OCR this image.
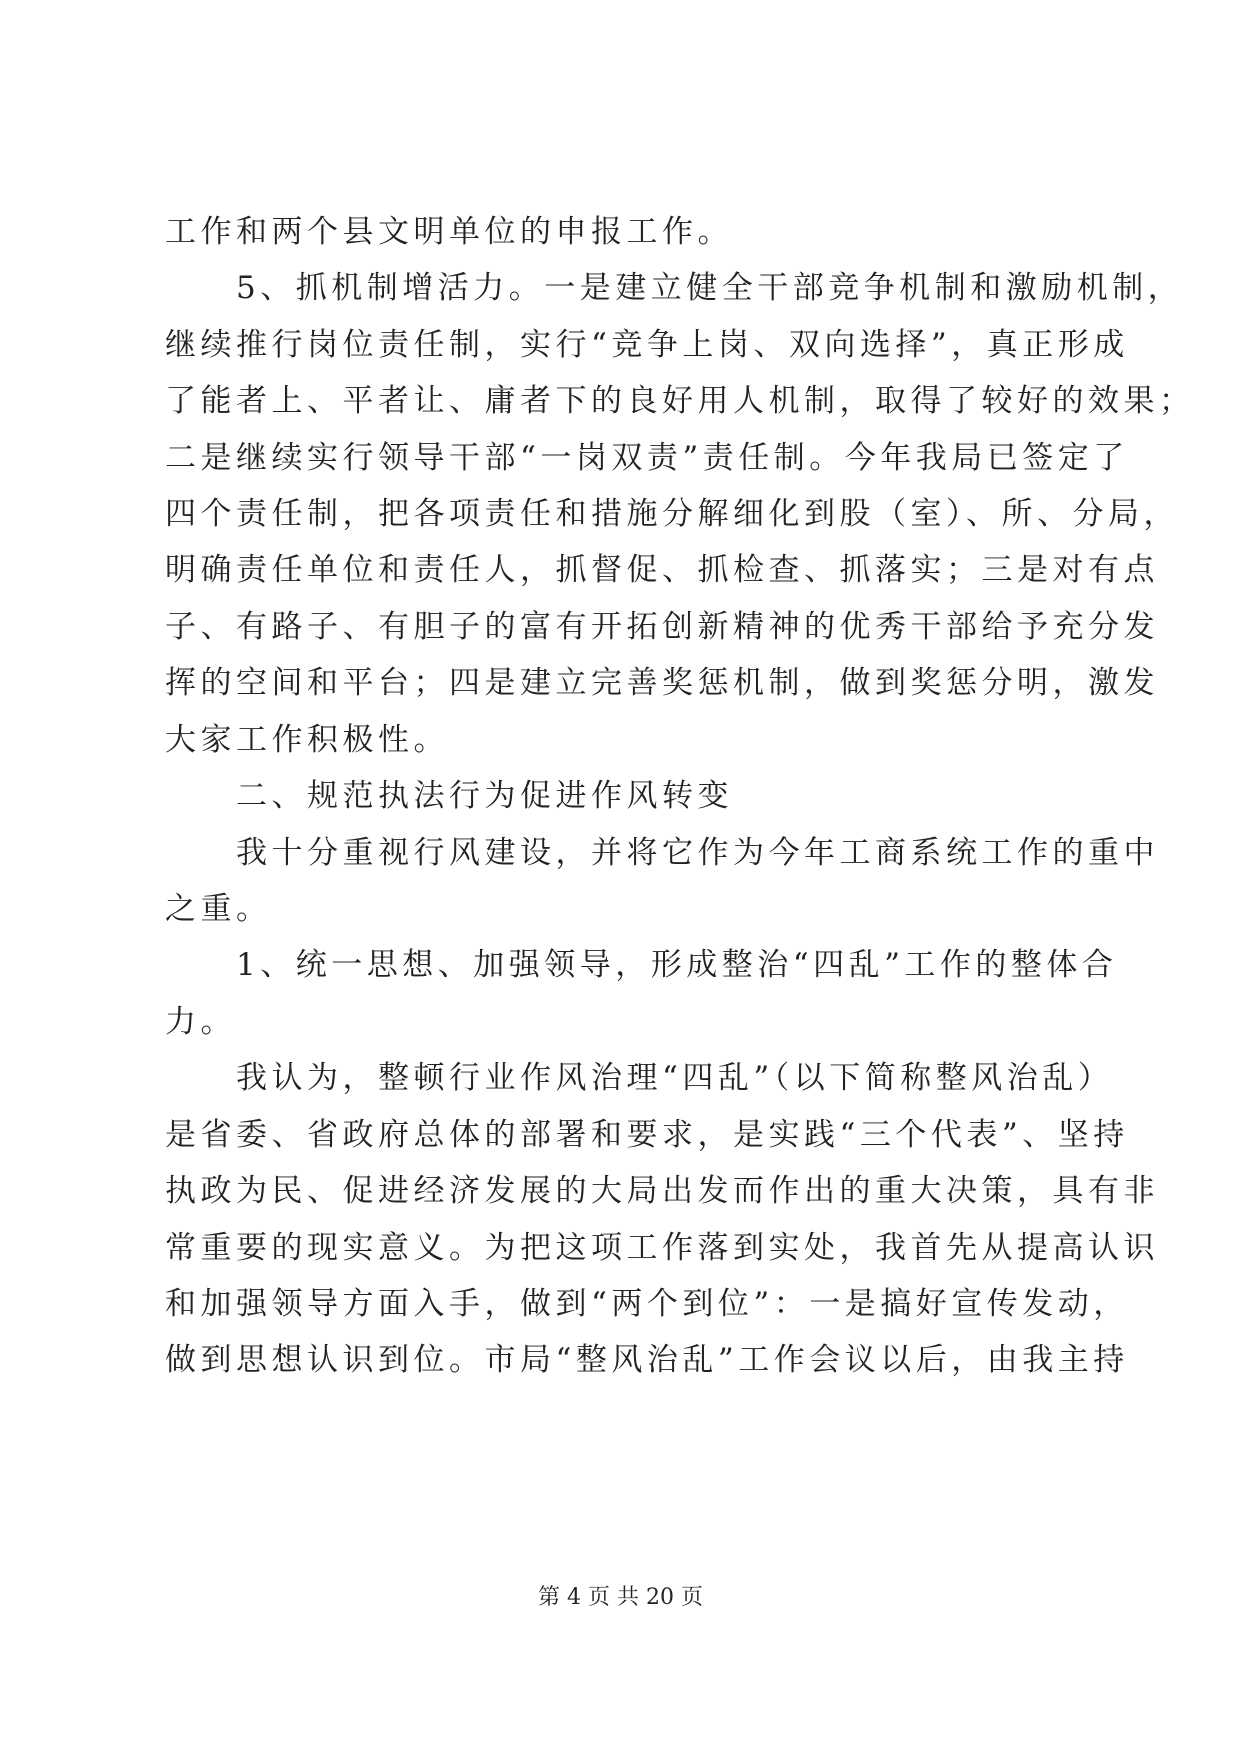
工作和两个县文明单位的申报工作。
　　5、抓机制增活力。一是建立健全干部竞争机制和激励机制，
继续推行岗位责任制，实行“竞争上岗、双向选择”，真正形成
了能者上、平者让、庸者下的良好用人机制，取得了较好的效果；
二是继续实行领导干部“一岗双责”责任制。今年我局已签定了
四个责任制，把各项责任和措施分解细化到股（室）、所、分局，
明确责任单位和责任人，抓督促、抓检查、抓落实；三是对有点
子、有路子、有胆子的富有开拓创新精神的优秀干部给予充分发
挥的空间和平台；四是建立完善奖惩机制，做到奖惩分明，激发
大家工作积极性。
　　二、规范执法行为促进作风转变
　　我十分重视行风建设，并将它作为今年工商系统工作的重中
之重。
　　1、统一思想、加强领导，形成整治“四乱”工作的整体合
力。
　　我认为，整顿行业作风治理“四乱”（以下简称整风治乱）
是省委、省政府总体的部署和要求，是实践“三个代表”、坚持
执政为民、促进经济发展的大局出发而作出的重大决策，具有非
常重要的现实意义。为把这项工作落到实处，我首先从提高认识
和加强领导方面入手，做到“两个到位”：一是搞好宣传发动，
做到思想认识到位。市局“整风治乱”工作会议以后，由我主持
第 4 页 共 20 页
